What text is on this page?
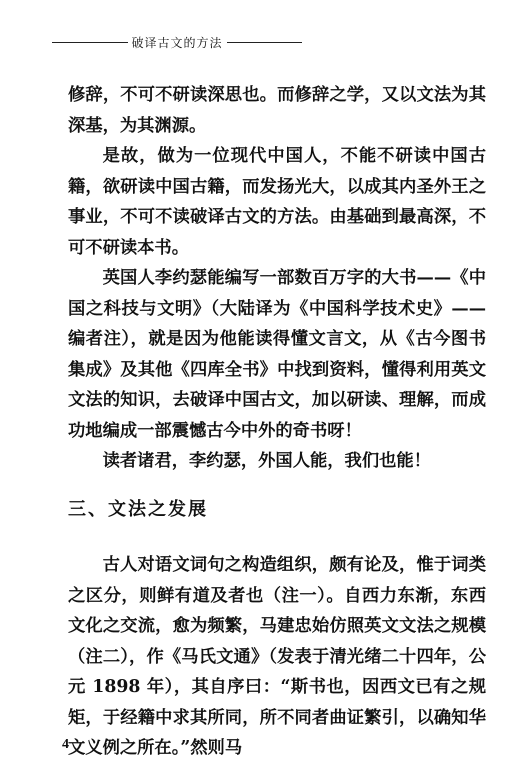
破译古文的方法

修辞，不可不研读深思也。而修辞之学，又以文法为其深基，为其渊源。

是故，做为一位现代中国人，不能不研读中国古籍，欲研读中国古籍，而发扬光大，以成其内圣外王之事业，不可不读破译古文的方法。由基础到最高深，不可不研读本书。

英国人李约瑟能编写一部数百万字的大书——《中国之科技与文明》（大陆译为《中国科学技术史》——编者注），就是因为他能读得懂文言文，从《古今图书集成》及其他《四库全书》中找到资料，懂得利用英文文法的知识，去破译中国古文，加以研读、理解，而成功地编成一部震憾古今中外的奇书呀！

读者诸君，李约瑟，外国人能，我们也能！

三、文法之发展

古人对语文词句之构造组织，颇有论及，惟于词类之区分，则鲜有道及者也（注一）。自西力东渐，东西文化之交流，愈为频繁，马建忠始仿照英文文法之规模（注二），作《马氏文通》（发表于清光绪二十四年，公元 1898 年），其自序曰：“斯书也，因西文已有之规矩，于经籍中求其所同，所不同者曲证繁引，以确知华文义例之所在。”然则马

4
